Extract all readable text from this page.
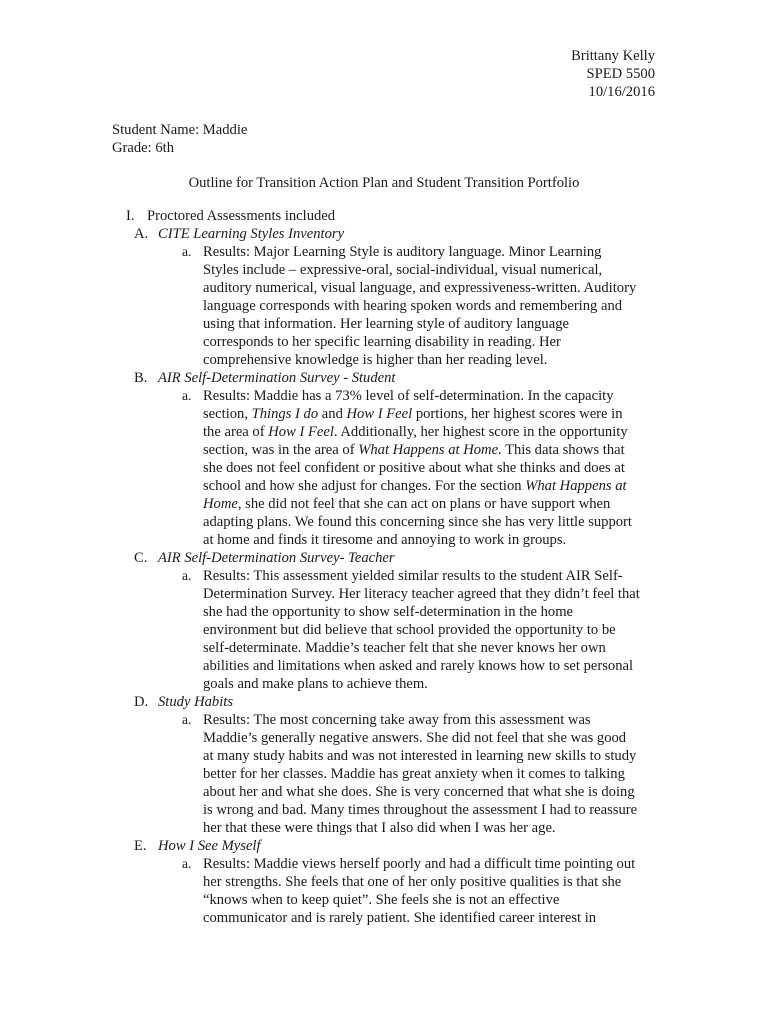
Brittany Kelly
SPED 5500
10/16/2016
Student Name: Maddie
Grade: 6th
Outline for Transition Action Plan and Student Transition Portfolio
I. Proctored Assessments included
A. CITE Learning Styles Inventory
a. Results: Major Learning Style is auditory language. Minor Learning
Styles include – expressive-oral, social-individual, visual numerical,
auditory numerical, visual language, and expressiveness-written. Auditory
language corresponds with hearing spoken words and remembering and
using that information. Her learning style of auditory language
corresponds to her specific learning disability in reading. Her
comprehensive knowledge is higher than her reading level.
B. AIR Self-Determination Survey - Student
a. Results: Maddie has a 73% level of self-determination. In the capacity
section, Things I do and How I Feel portions, her highest scores were in
the area of How I Feel. Additionally, her highest score in the opportunity
section, was in the area of What Happens at Home. This data shows that
she does not feel confident or positive about what she thinks and does at
school and how she adjust for changes. For the section What Happens at
Home, she did not feel that she can act on plans or have support when
adapting plans. We found this concerning since she has very little support
at home and finds it tiresome and annoying to work in groups.
C. AIR Self-Determination Survey- Teacher
a. Results: This assessment yielded similar results to the student AIR Self-
Determination Survey. Her literacy teacher agreed that they didn’t feel that
she had the opportunity to show self-determination in the home
environment but did believe that school provided the opportunity to be
self-determinate. Maddie’s teacher felt that she never knows her own
abilities and limitations when asked and rarely knows how to set personal
goals and make plans to achieve them.
D. Study Habits
a. Results: The most concerning take away from this assessment was
Maddie’s generally negative answers. She did not feel that she was good
at many study habits and was not interested in learning new skills to study
better for her classes. Maddie has great anxiety when it comes to talking
about her and what she does. She is very concerned that what she is doing
is wrong and bad. Many times throughout the assessment I had to reassure
her that these were things that I also did when I was her age.
E. How I See Myself
a. Results: Maddie views herself poorly and had a difficult time pointing out
her strengths. She feels that one of her only positive qualities is that she
“knows when to keep quiet”. She feels she is not an effective
communicator and is rarely patient. She identified career interest in
